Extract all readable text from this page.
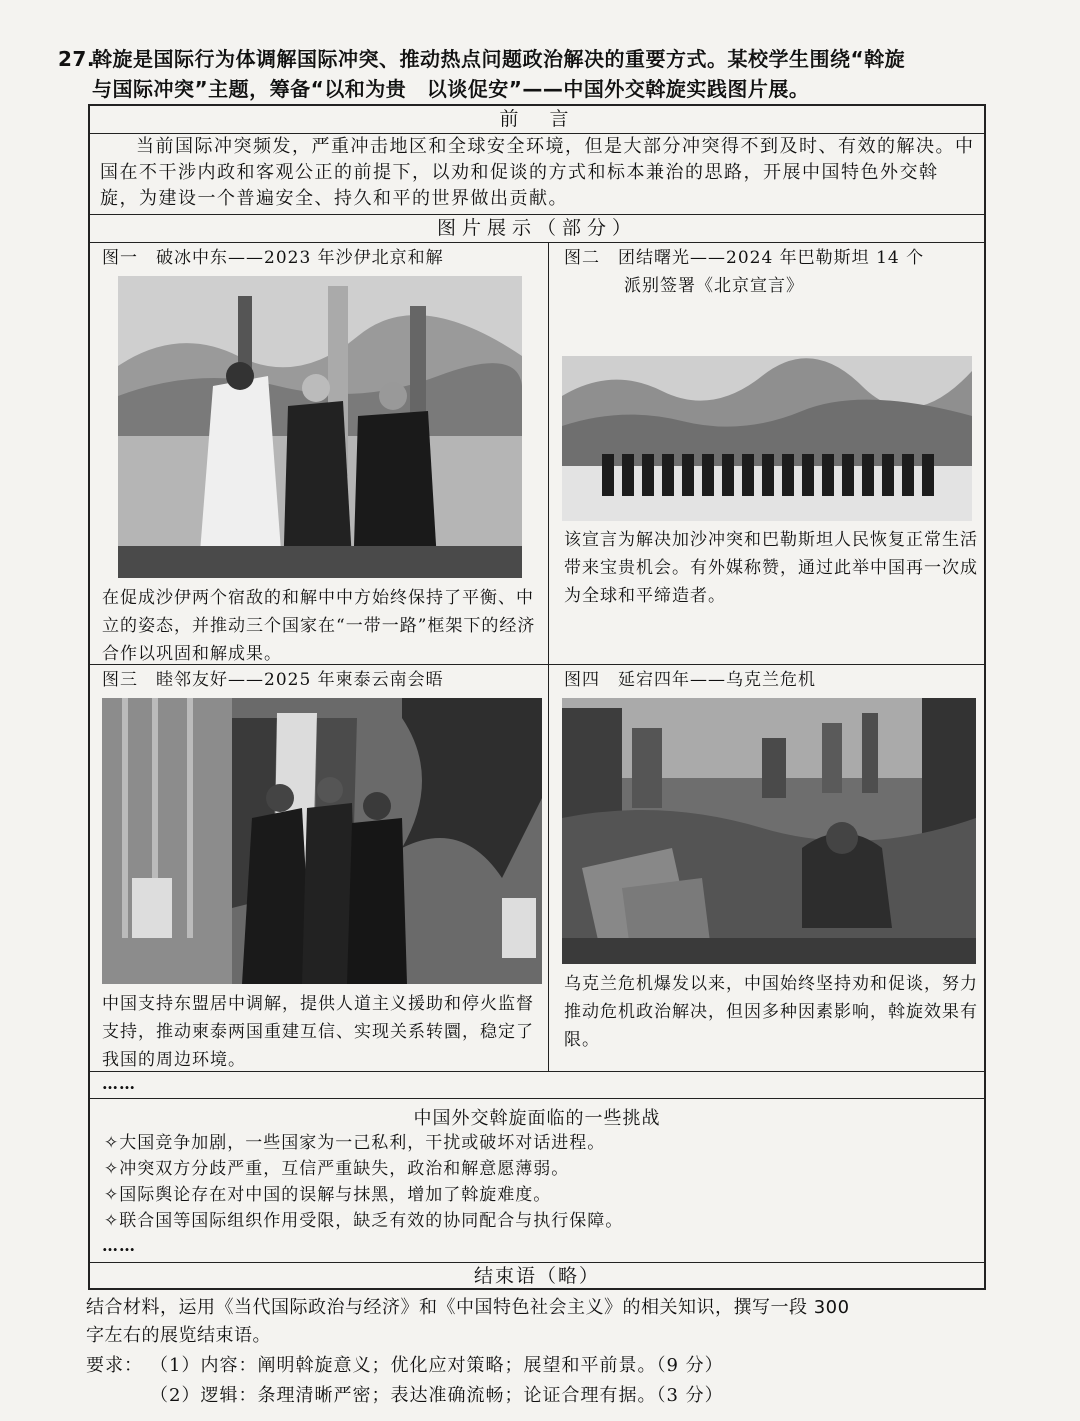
27.斡旋是国际行为体调解国际冲突、推动热点问题政治解决的重要方式。某校学生围绕“斡旋
与国际冲突”主题，筹备“以和为贵　以谈促安”——中国外交斡旋实践图片展。
前　言
当前国际冲突频发，严重冲击地区和全球安全环境，但是大部分冲突得不到及时、有效的解决。中国在不干涉内政和客观公正的前提下，以劝和促谈的方式和标本兼治的思路，开展中国特色外交斡旋，为建设一个普遍安全、持久和平的世界做出贡献。
图片展示（部分）
图一　破冰中东——2023 年沙伊北京和解
在促成沙伊两个宿敌的和解中中方始终保持了平衡、中立的姿态，并推动三个国家在“一带一路”框架下的经济合作以巩固和解成果。
图二　团结曙光——2024 年巴勒斯坦 14 个
派别签署《北京宣言》
该宣言为解决加沙冲突和巴勒斯坦人民恢复正常生活带来宝贵机会。有外媒称赞，通过此举中国再一次成为全球和平缔造者。
图三　睦邻友好——2025 年柬泰云南会晤
中国支持东盟居中调解，提供人道主义援助和停火监督支持，推动柬泰两国重建互信、实现关系转圜，稳定了我国的周边环境。
图四　延宕四年——乌克兰危机
乌克兰危机爆发以来，中国始终坚持劝和促谈，努力推动危机政治解决，但因多种因素影响，斡旋效果有限。
……
中国外交斡旋面临的一些挑战
✧大国竞争加剧，一些国家为一己私利，干扰或破坏对话进程。
✧冲突双方分歧严重，互信严重缺失，政治和解意愿薄弱。
✧国际舆论存在对中国的误解与抹黑，增加了斡旋难度。
✧联合国等国际组织作用受限，缺乏有效的协同配合与执行保障。
……
结束语（略）
结合材料，运用《当代国际政治与经济》和《中国特色社会主义》的相关知识，撰写一段 300
字左右的展览结束语。
要求： （1）内容：阐明斡旋意义；优化应对策略；展望和平前景。（9 分）
（2）逻辑：条理清晰严密；表达准确流畅；论证合理有据。（3 分）
